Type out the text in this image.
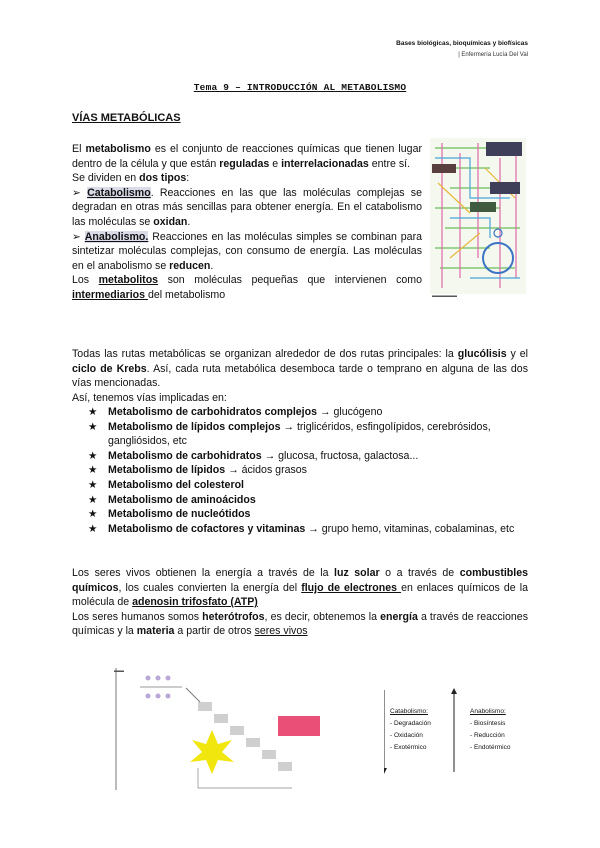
Bases biológicas, bioquímicas y biofísicas
| Enfermería Lucía Del Val
Tema 9 – INTRODUCCIÓN AL METABOLISMO
VÍAS METABÓLICAS

El metabolismo es el conjunto de reacciones químicas que tienen lugar dentro de la célula y que están reguladas e interrelacionadas entre sí.
Se dividen en dos tipos:
➢ Catabolismo. Reacciones en las que las moléculas complejas se degradan en otras más sencillas para obtener energía. En el catabolismo las moléculas se oxidan.
➢ Anabolismo. Reacciones en las moléculas simples se combinan para sintetizar moléculas complejas, con consumo de energía. Las moléculas en el anabolismo se reducen.
Los metabolitos son moléculas pequeñas que intervienen como intermediarios del metabolismo	▬▬▬▬▬

Todas las rutas metabólicas se organizan alrededor de dos rutas principales: la glucólisis y el ciclo de Krebs. Así, cada ruta metabólica desemboca tarde o temprano en alguna de las dos vías mencionadas.
Así, tenemos vías implicadas en:

★ Metabolismo de carbohidratos complejos → glucógeno
★ Metabolismo de lípidos complejos → triglicéridos, esfingolípidos, cerebrósidos, gangliósidos, etc
★ Metabolismo de carbohidratos → glucosa, fructosa, galactosa...
★ Metabolismo de lípidos → ácidos grasos
★ Metabolismo del colesterol
★ Metabolismo de aminoácidos
★ Metabolismo de nucleótidos
★ Metabolismo de cofactores y vitaminas → grupo hemo, vitaminas, cobalaminas, etc

Los seres vivos obtienen la energía a través de la luz solar o a través de combustibles químicos, los cuales convierten la energía del flujo de electrones en enlaces químicos de la molécula de adenosin trifosfato (ATP)
Los seres humanos somos heterótrofos, es decir, obtenemos la energía a través de reacciones químicas y la materia a partir de otros seres vivos

▬▬
Catabolismo:
- Degradación
- Oxidación
- Exotérmico
Anabolismo:
- Biosíntesis
- Reducción
- Endotérmico
